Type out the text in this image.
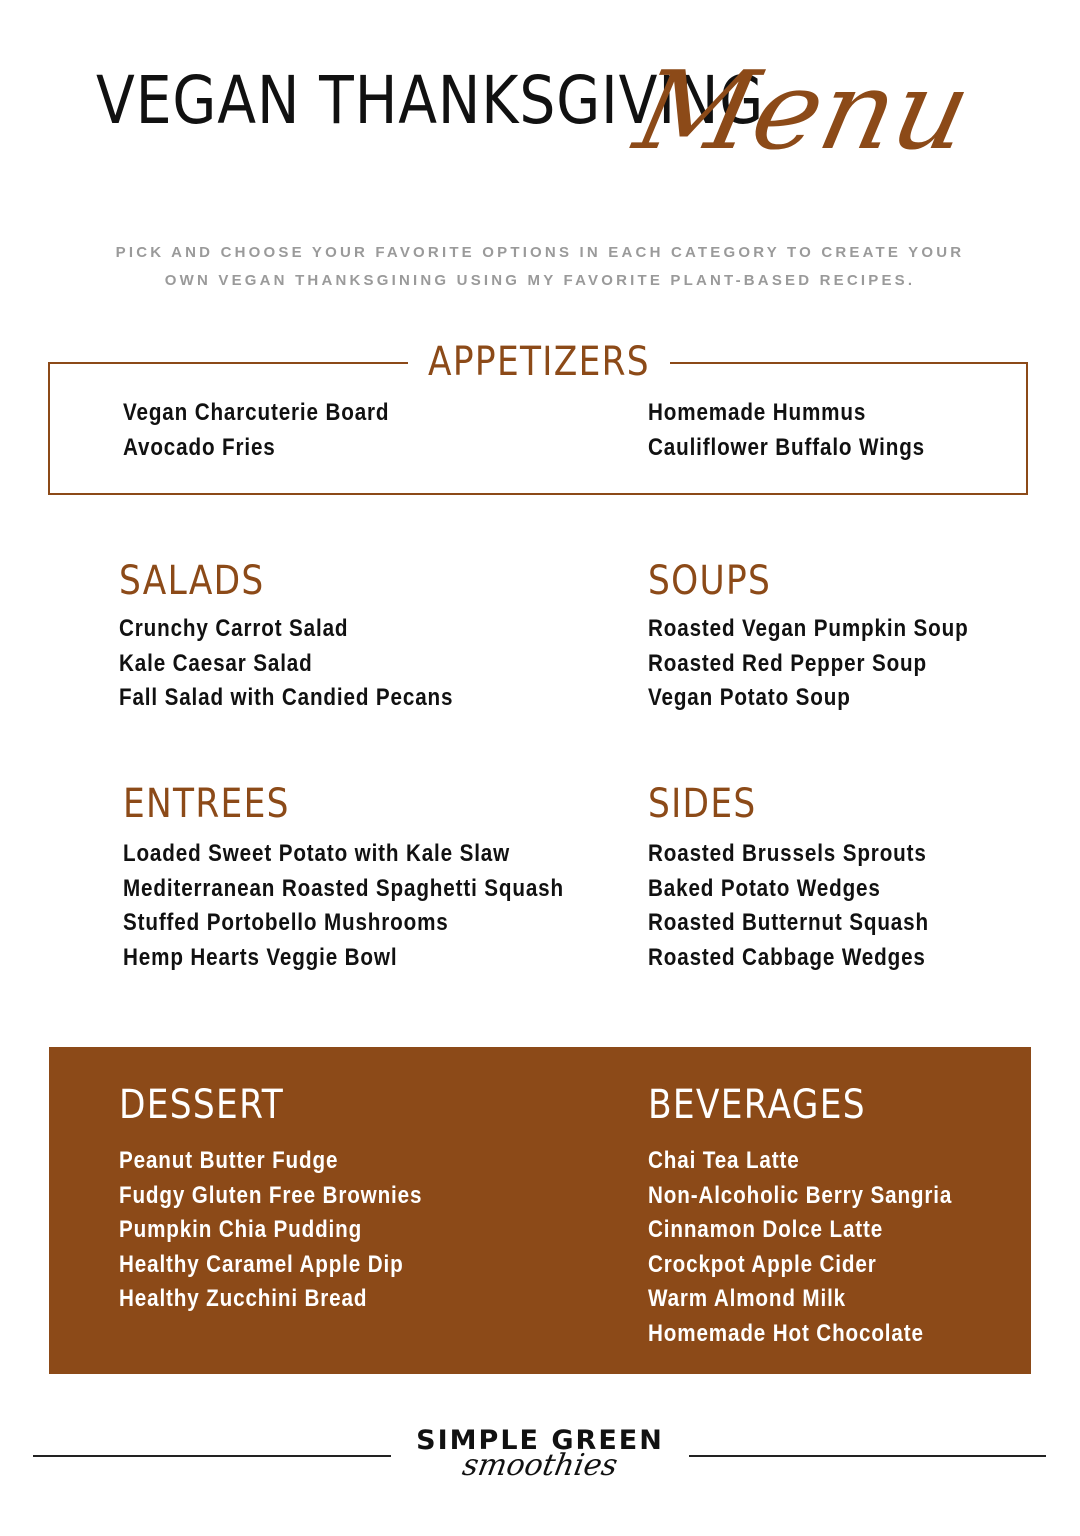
VEGAN THANKSGIVING
Menu
PICK AND CHOOSE YOUR FAVORITE OPTIONS IN EACH CATEGORY TO CREATE YOUR
OWN VEGAN THANKSGINING USING MY FAVORITE PLANT-BASED RECIPES.
APPETIZERS
Vegan Charcuterie Board
Avocado Fries
Homemade Hummus
Cauliflower Buffalo Wings
SALADS
Crunchy Carrot Salad
Kale Caesar Salad
Fall Salad with Candied Pecans
SOUPS
Roasted Vegan Pumpkin Soup
Roasted Red Pepper Soup
Vegan Potato Soup
ENTREES
Loaded Sweet Potato with Kale Slaw
Mediterranean Roasted Spaghetti Squash
Stuffed Portobello Mushrooms
Hemp Hearts Veggie Bowl
SIDES
Roasted Brussels Sprouts
Baked Potato Wedges
Roasted Butternut Squash
Roasted Cabbage Wedges
DESSERT
Peanut Butter Fudge
Fudgy Gluten Free Brownies
Pumpkin Chia Pudding
Healthy Caramel Apple Dip
Healthy Zucchini Bread
BEVERAGES
Chai Tea Latte
Non-Alcoholic Berry Sangria
Cinnamon Dolce Latte
Crockpot Apple Cider
Warm Almond Milk
Homemade Hot Chocolate
SIMPLE GREEN
smoothies
